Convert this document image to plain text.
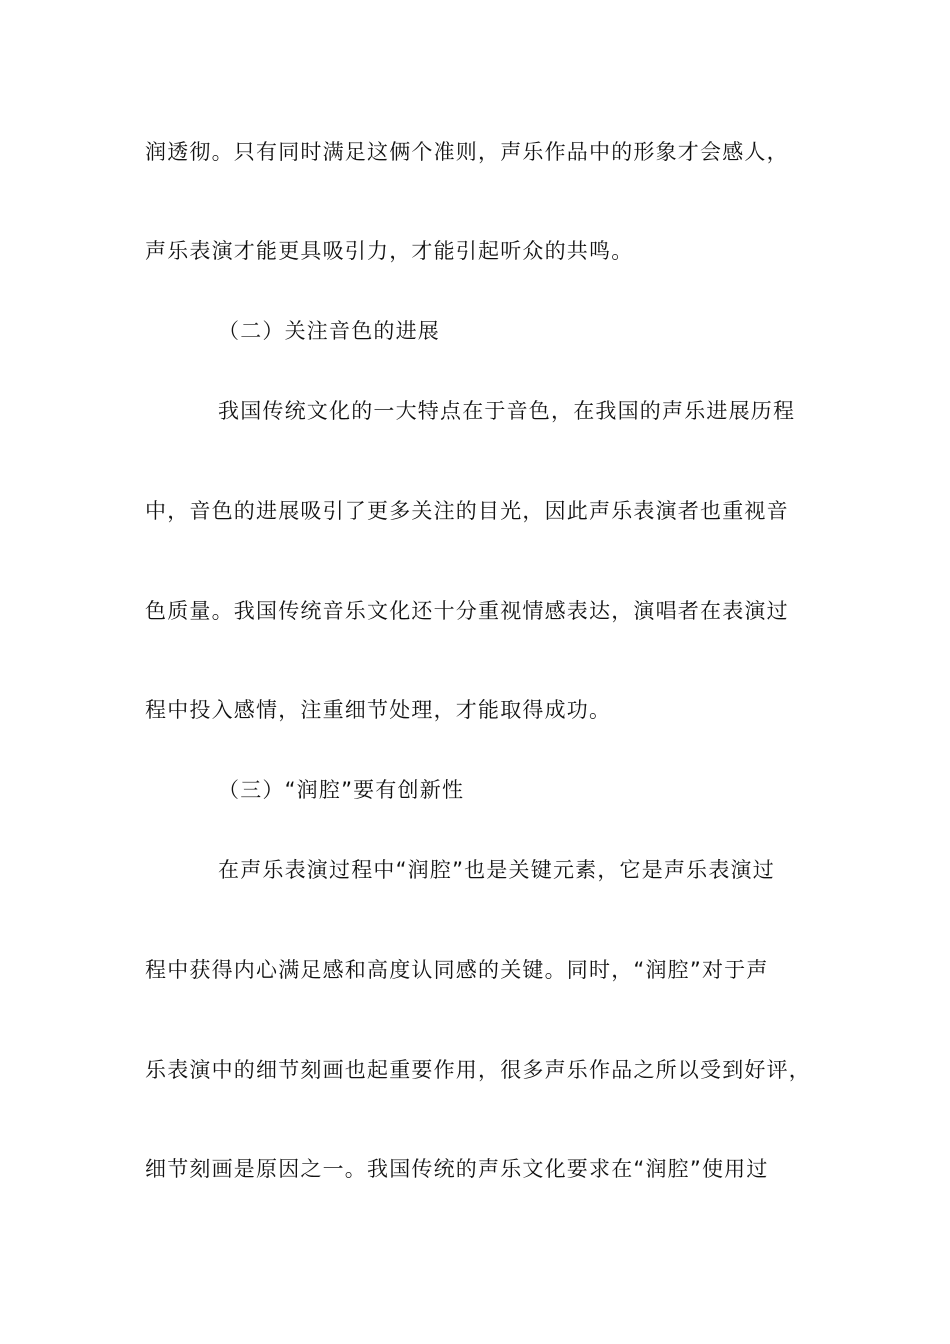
润透彻。只有同时满足这俩个准则，声乐作品中的形象才会感人，
声乐表演才能更具吸引力，才能引起听众的共鸣。
（二）关注音色的进展
我国传统文化的一大特点在于音色，在我国的声乐进展历程
中，音色的进展吸引了更多关注的目光，因此声乐表演者也重视音
色质量。我国传统音乐文化还十分重视情感表达，演唱者在表演过
程中投入感情，注重细节处理，才能取得成功。
（三）“润腔”要有创新性
在声乐表演过程中“润腔”也是关键元素，它是声乐表演过
程中获得内心满足感和高度认同感的关键。同时，“润腔”对于声
乐表演中的细节刻画也起重要作用，很多声乐作品之所以受到好评，
细节刻画是原因之一。我国传统的声乐文化要求在“润腔”使用过
